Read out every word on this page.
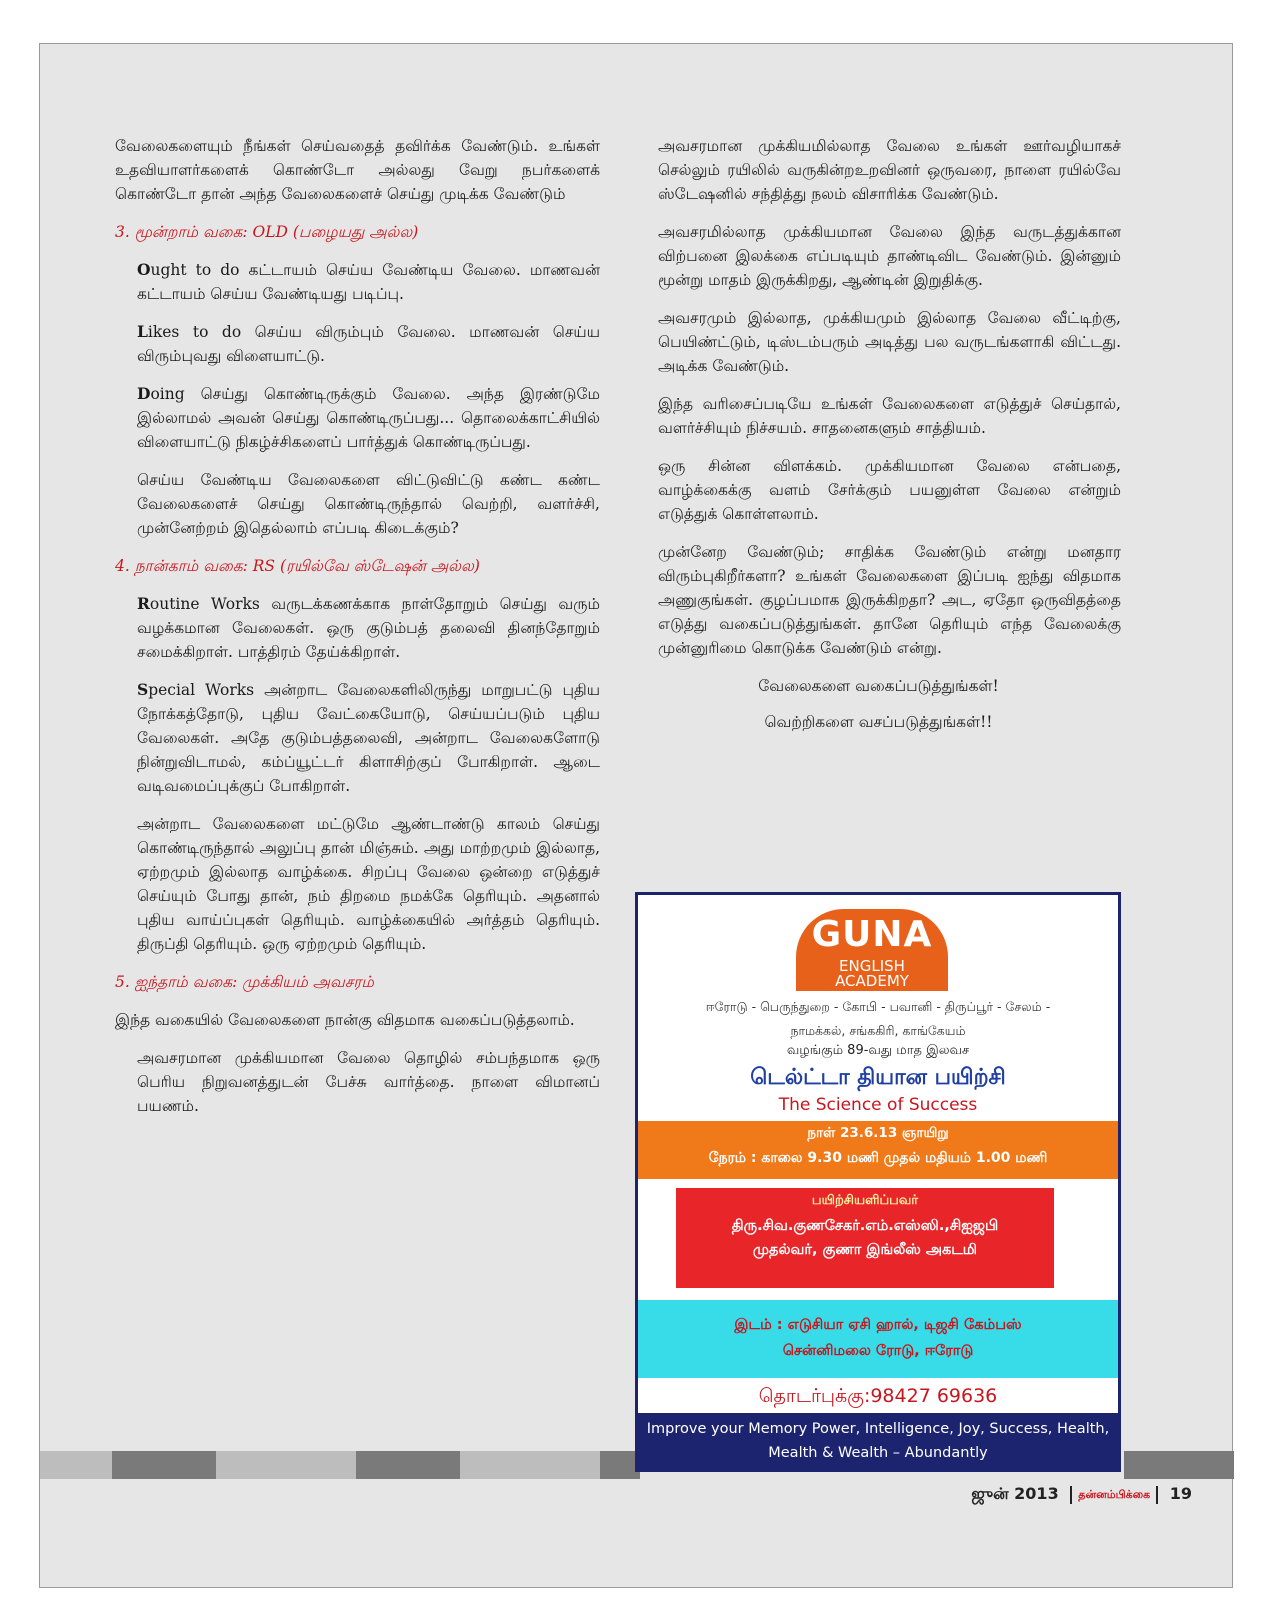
வேலைகளையும் நீங்கள் செய்வதைத் தவிர்க்க வேண்டும். உங்கள் உதவியாளர்களைக் கொண்டோ அல்லது வேறு நபர்களைக் கொண்டோ தான் அந்த வேலைகளைச் செய்து முடிக்க வேண்டும்

3. மூன்றாம் வகை: OLD (பழையது அல்ல)

Ought to do கட்டாயம் செய்ய வேண்டிய வேலை. மாணவன் கட்டாயம் செய்ய வேண்டியது படிப்பு.

Likes to do செய்ய விரும்பும் வேலை. மாணவன் செய்ய விரும்புவது விளையாட்டு.

Doing செய்து கொண்டிருக்கும் வேலை. அந்த இரண்டுமே இல்லாமல் அவன் செய்து கொண்டிருப்பது... தொலைக்காட்சியில் விளையாட்டு நிகழ்ச்சிகளைப் பார்த்துக் கொண்டிருப்பது.

செய்ய வேண்டிய வேலைகளை விட்டுவிட்டு கண்ட கண்ட வேலைகளைச் செய்து கொண்டிருந்தால் வெற்றி, வளர்ச்சி, முன்னேற்றம் இதெல்லாம் எப்படி கிடைக்கும்?

4. நான்காம் வகை: RS (ரயில்வே ஸ்டேஷன் அல்ல)

Routine Works வருடக்கணக்காக நாள்தோறும் செய்து வரும் வழக்கமான வேலைகள். ஒரு குடும்பத் தலைவி தினந்தோறும் சமைக்கிறாள். பாத்திரம் தேய்க்கிறாள்.

Special Works அன்றாட வேலைகளிலிருந்து மாறுபட்டு புதிய நோக்கத்தோடு, புதிய வேட்கையோடு, செய்யப்படும் புதிய வேலைகள். அதே குடும்பத்தலைவி, அன்றாட வேலைகளோடு நின்றுவிடாமல், கம்ப்யூட்டர் கிளாசிற்குப் போகிறாள். ஆடை வடிவமைப்புக்குப் போகிறாள்.

அன்றாட வேலைகளை மட்டுமே ஆண்டாண்டு காலம் செய்து கொண்டிருந்தால் அலுப்பு தான் மிஞ்சும். அது மாற்றமும் இல்லாத, ஏற்றமும் இல்லாத வாழ்க்கை. சிறப்பு வேலை ஒன்றை எடுத்துச் செய்யும் போது தான், நம் திறமை நமக்கே தெரியும். அதனால் புதிய வாய்ப்புகள் தெரியும். வாழ்க்கையில் அர்த்தம் தெரியும். திருப்தி தெரியும். ஒரு ஏற்றமும் தெரியும்.

5. ஐந்தாம் வகை: முக்கியம் அவசரம்

இந்த வகையில் வேலைகளை நான்கு விதமாக வகைப்படுத்தலாம்.

அவசரமான முக்கியமான வேலை தொழில் சம்பந்தமாக ஒரு பெரிய நிறுவனத்துடன் பேச்சு வார்த்தை. நாளை விமானப் பயணம்.

அவசரமான முக்கியமில்லாத வேலை உங்கள் ஊர்வழியாகச் செல்லும் ரயிலில் வருகின்றஉறவினர் ஒருவரை, நாளை ரயில்வே ஸ்டேஷனில் சந்தித்து நலம் விசாரிக்க வேண்டும்.

அவசரமில்லாத முக்கியமான வேலை இந்த வருடத்துக்கான விற்பனை இலக்கை எப்படியும் தாண்டிவிட வேண்டும். இன்னும் மூன்று மாதம் இருக்கிறது, ஆண்டின் இறுதிக்கு.

அவசரமும் இல்லாத, முக்கியமும் இல்லாத வேலை வீட்டிற்கு, பெயிண்ட்டும், டிஸ்டம்பரும் அடித்து பல வருடங்களாகி விட்டது. அடிக்க வேண்டும்.

இந்த வரிசைப்படியே உங்கள் வேலைகளை எடுத்துச் செய்தால், வளர்ச்சியும் நிச்சயம். சாதனைகளும் சாத்தியம்.

ஒரு சின்ன விளக்கம். முக்கியமான வேலை என்பதை, வாழ்க்கைக்கு வளம் சேர்க்கும் பயனுள்ள வேலை என்றும் எடுத்துக் கொள்ளலாம்.

முன்னேற வேண்டும்; சாதிக்க வேண்டும் என்று மனதார விரும்புகிறீர்களா? உங்கள் வேலைகளை இப்படி ஐந்து விதமாக அணுகுங்கள். குழப்பமாக இருக்கிறதா? அட, ஏதோ ஒருவிதத்தை எடுத்து வகைப்படுத்துங்கள். தானே தெரியும் எந்த வேலைக்கு முன்னுரிமை கொடுக்க வேண்டும் என்று.

வேலைகளை வகைப்படுத்துங்கள்!

வெற்றிகளை வசப்படுத்துங்கள்!!

GUNA
ENGLISH
ACADEMY
ஈரோடு - பெருந்துறை - கோபி - பவானி - திருப்பூர் - சேலம் -
நாமக்கல், சங்ககிரி, காங்கேயம்
வழங்கும் 89-வது மாத இலவச
டெல்ட்டா தியான பயிற்சி
The Science of Success
நாள் 23.6.13 ஞாயிறு
நேரம் : காலை 9.30 மணி முதல் மதியம் 1.00 மணி
பயிற்சியளிப்பவர்
திரு.சிவ.குணசேகர்.எம்.எஸ்ஸி.,சிஐஜபி
முதல்வர், குணா இங்லீஸ் அகடமி
இடம் : எடுசியா ஏசி ஹால், டிஜசி கேம்பஸ்
சென்னிமலை ரோடு, ஈரோடு
தொடர்புக்கு:98427 69636
Improve your Memory Power, Intelligence, Joy, Success, Health,
Mealth & Wealth – Abundantly
ஜுன் 2013 தன்னம்பிக்கை 19
